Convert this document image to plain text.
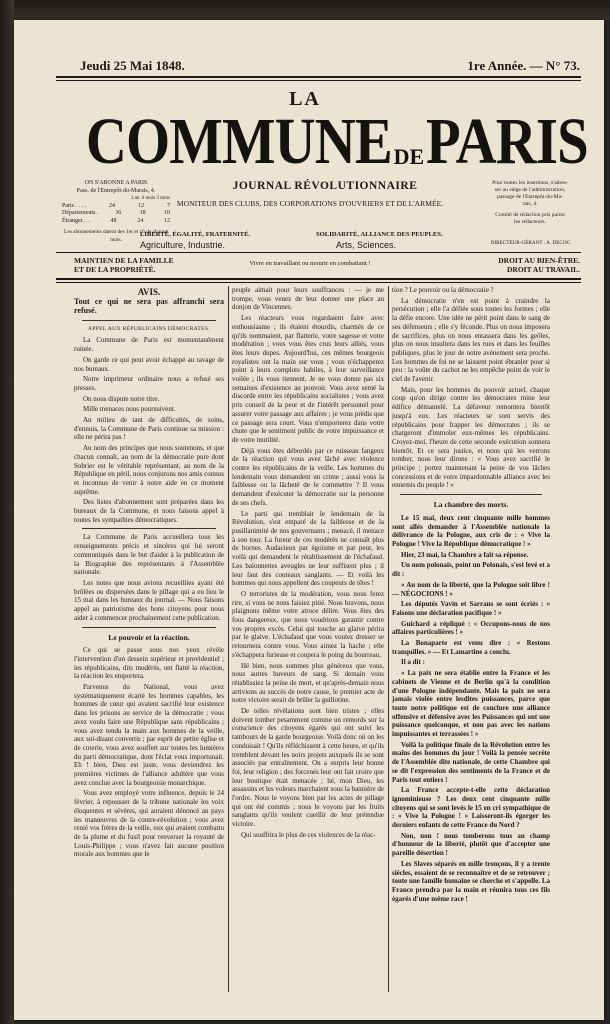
Jeudi 25 Mai 1848.	1re Année. — N° 73.
LA
COMMUNE DE PARIS
JOURNAL RÉVOLUTIONNAIRE
MONITEUR DES CLUBS, DES CORPORATIONS D'OUVRIERS ET DE L'ARMÉE.
ON S'ABONNE A PARIS
Pass. de l'Entrepôt-du-Marais, 4.
1 an. 6 mois 3 mois
Paris . . . .	24	12	7
Départements.	36	18	10
Étranger. . .	48	24	12
Les abonnements datent des 1er et 16 de chaque mois.
Pour toutes les insertions, s'adres-
ser au siège de l'administration,
passage de l'Entrepôt-du-Ma-
rais, 4.
Comité de rédaction pris parmi
les rédacteurs.
LIBERTÉ, ÉGALITÉ, FRATERNITÉ.	SOLIDARITÉ, ALLIANCE DES PEUPLES.
Agriculture, Industrie.	Arts, Sciences.	DIRECTEUR-GÉRANT : A. DECOC.
MAINTIEN DE LA FAMILLE ET DE LA PROPRIÉTÉ.
Vivre en travaillant ou mourir en combattant !	DROIT AU BIEN-ÊTRE.
DROIT AU TRAVAIL.
AVIS.

Tout ce qui ne sera pas affranchi sera refusé.

APPEL AUX RÉPUBLICAINS DÉMOCRATES.

La Commune de Paris est momentanément ruinée.

On garde ce qui peut avoir échappé au ravage de nos bureaux.

Notre imprimeur ordinaire nous a refusé ses presses.

On nous dispute notre titre.

Mille menaces nous poursuivent.

Au milieu de tant de difficultés, de soins, d'ennuis, la Commune de Paris continue sa mission : elle ne périra pas !

Au nom des principes que nous soutenons, et que chacun connaît, au nom de la démocratie pure dont Sobrier est le véritable représentant, au nom de la République en péril, nous conjurons nos amis connus et inconnus de venir à notre aide en ce moment suprême.

Des listes d'abonnement sont préparées dans les bureaux de la Commune, et nous faisons appel à toutes les sympathies démocratiques.

La Commune de Paris accueillera tous les renseignements précis et sincères qui lui seront communiqués dans le but d'aider à la publication de la Biographie des représentants à l'Assemblée nationale.

Les notes que nous avions recueillies ayant été brûlées ou dispersées dans le pillage qui a eu lieu le 15 mai dans les bureaux du journal. — Nous faisons appel au patriotisme des bons citoyens pour nous aider à commencer prochainement cette publication.

Le pouvoir et la réaction.

Ce qui se passe sous nos yeux révèle l'intervention d'un dessein supérieur et providentiel ; les républicains, dits modérés, ont flatté la réaction, la réaction les emportera.

Parvenus du National, vous avez systématiquement écarté les hommes capables, les hommes de cœur qui avaient sacrifié leur existence dans les prisons au service de la démocratie ; vous avez voulu faire une République sans républicains ; vous avez tendu la main aux hommes de la veille, aux soi-disant convertis ; par esprit de petite église et de coterie, vous avez souffert sur toutes les lumières du parti démocratique, dont l'éclat vous importunait. Eh ! bien, Dieu est juste, vous deviendrez les premières victimes de l'alliance adultère que vous avez conclue avec la bourgeoisie monarchique.

Vous avez employé votre influence, depuis le 24 février, à repousser de la tribune nationale les voix éloquentes et sévères, qui auraient dénoncé au pays les manœuvres de la contre-révolution ; vous avez renié vos frères de la veille, eux qui avaient combattu de la plume et du fusil pour renverser la royauté de Louis-Philippe ; vous n'avez fait aucune position morale aux hommes que le

peuple aimait pour leurs souffrances : — je me trompe, vous venez de leur donner une place au donjon de Vincennes.

Les réacteurs vous regardaient faire avec enthousiasme ; ils étaient étourdis, charmés de ce qu'ils nommaient, par flatterie, votre sagesse et votre modération ; vous vous êtes crus leurs alliés, vous êtes leurs dupes. Aujourd'hui, ces mêmes bourgeois royalistes ont la main sur vous ; vous n'échapperez point à leurs complots habiles, à leur surveillance voilée ; ils vous tiennent. Je ne vous donne pas six semaines d'existence au pouvoir. Vous avez semé la discorde entre les républicains socialistes ; vous avez pris conseil de la peur et de l'intérêt personnel pour assurer votre passage aux affaires ; je vous prédis que ce passage sera court. Vous n'emporterez dans votre chute que le sentiment public de votre impuissance et de votre inutilité.

Déjà vous êtes débordés par ce ruisseau fangeux de la réaction qui vous avez lâché avec violence contre les républicains de la veille. Les hommes du lendemain vous demandent un crime ; aussi vous la faiblesse ou la lâcheté de le commettre ? Il vous demandent d'exécuter la démocratie sur la personne de ses chefs.

Le parti qui tremblait le lendemain de la Révolution, s'est emparé de la faiblesse et de la pusillanimité de nos gouvernants ; menacé, il menace à son tour. La fureur de ces modérés ne connaît plus de bornes. Audacieux par égoïsme et par peur, les voilà qui demandent le rétablissement de l'échafaud. Les baïonnettes aveugles ne leur suffisent plus ; il leur faut des couteaux sanglants. — Et voilà les hommes qui nous appellent des coupeurs de têtes !

O terroristes de la modération, vous nous ferez rire, si vous ne nous faisiez pitié. Nous bravons, nous plaignons même votre atroce délire. Vous êtes des fous dangereux, que nous voudrions garantir contre vos propres excès. Celui qui touche au glaive périra par le glaive. L'échafaud que vous voulez dresser se retournera contre vous. Vous aimez la hache ; elle s'échappera furieuse et coupera le poing du bourreau.

Hé bien, nous sommes plus généreux que vous, nous autres buveurs de sang. Si demain vous rétablissiez la peine de mort, et qu'après-demain nous arrivions au succès de notre cause, le premier acte de notre victoire serait de brûler la guillotine.

De telles révélations sont bien tristes ; elles doivent tomber pesamment comme un remords sur la conscience des citoyens égarés qui ont suivi les tambours de la garde bourgeoise. Voilà donc où on les conduisait ! Qu'ils réfléchissent à cette heure, et qu'ils tremblent devant les noirs projets auxquels ils se sont associés par entraînement. On a surpris leur bonne foi, leur religion ; des forcenés leur ont fait croire que leur boutique était menacée ; hé, mon Dieu, les assassins et les voleurs marchaient sous la bannière de l'ordre. Nous le voyons bien par les actes de pillage qui ont été commis ; nous le voyons par les fruits sanglants qu'ils veulent cueillir de leur prétendue victoire.

Qui souffrira le plus de ces violences de la réac-

tion ? Le pouvoir ou la démocratie ?

La démocratie n'en est point à craindre la persécution ; elle l'a défiée sous toutes les formes ; elle la défie encore. Une idée ne périt point dans le sang de ses défenseurs ; elle s'y féconde. Plus on nous imposera de sacrifices, plus on nous entassera dans les geôles, plus on nous insultera dans les rues et dans les feuilles publiques, plus le jour de notre avènement sera proche. Les hommes de foi ne se laissent point ébranler pour si peu : la voûte du cachot ne les empêche point de voir le ciel de l'avenir.

Mais, pour les hommes du pouvoir actuel, chaque coup qu'on dirige contre les démocrates mine leur édifice démantelé. La défaveur remontera bientôt jusqu'à eux. Les réacteurs se sont servis des républicains pour frapper les démocrates ; ils se chargeront d'immoler eux-mêmes les républicains. Croyez-moi, l'heure de cette seconde exécution sonnera bientôt. Et ce sera justice, et nous qui les verrons tomber, nous leur dirons : « Vous avez sacrifié le principe ; portez maintenant la peine de vos lâches concessions et de votre impardonnable alliance avec les ennemis du peuple ! »

La chambre des morts.

Le 15 mai, deux cent cinquante mille hommes sont allés demander à l'Assemblée nationale la délivrance de la Pologne, aux cris de : « Vive la Pologne ! Vive la République démocratique ! »

Hier, 23 mai, la Chambre a fait sa réponse.

Un nom polonais, point un Polonais, s'est levé et a dit :

« Au nom de la liberté, que la Pologne soit libre ! — NÉGOCIONS ! »

Les députés Vavin et Sarrans se sont écriés : « Faisons une déclaration pacifique ! »

Guichard a répliqué : « Occupons-nous de nos affaires particulières ! »

La Bonaparte est venu dire : « Restons tranquilles. » — Et Lamartine a conclu.

Il a dit :

« La paix ne sera établie entre la France et les cabinets de Vienne et de Berlin qu'à la condition d'une Pologne indépendante. Mais la paix ne sera jamais violée entre lesdites puissances, parce que toute notre politique est de conclure une alliance offensive et défensive avec les Puissances qui ont une puissance quelconque, et non pas avec les nations impuissantes et terrassées ! »

Voilà la politique finale de la Révolution entre les mains des hommes du jour ! Voilà la pensée secrète de l'Assemblée dite nationale, de cette Chambre qui se dit l'expression des sentiments de la France et de Paris tout entiers !

La France accepte-t-elle cette déclaration ignominieuse ? Les deux cent cinquante mille citoyens qui se sont levés le 15 en cri sympathique de : « Vive la Pologne ! » Laisseront-ils égorger les derniers enfants de cette France du Nord ?

Non, non ! nous tomberons tous au champ d'honneur de la liberté, plutôt que d'accepter une pareille désertion !

Les Slaves séparés en mille tronçons, il y a trente siècles, essaient de se reconnaître et de se retrouver ; toute une famille humaine se cherche et s'appelle. La France prendra par la main et réunira tous ces fils égarés d'une même race !
